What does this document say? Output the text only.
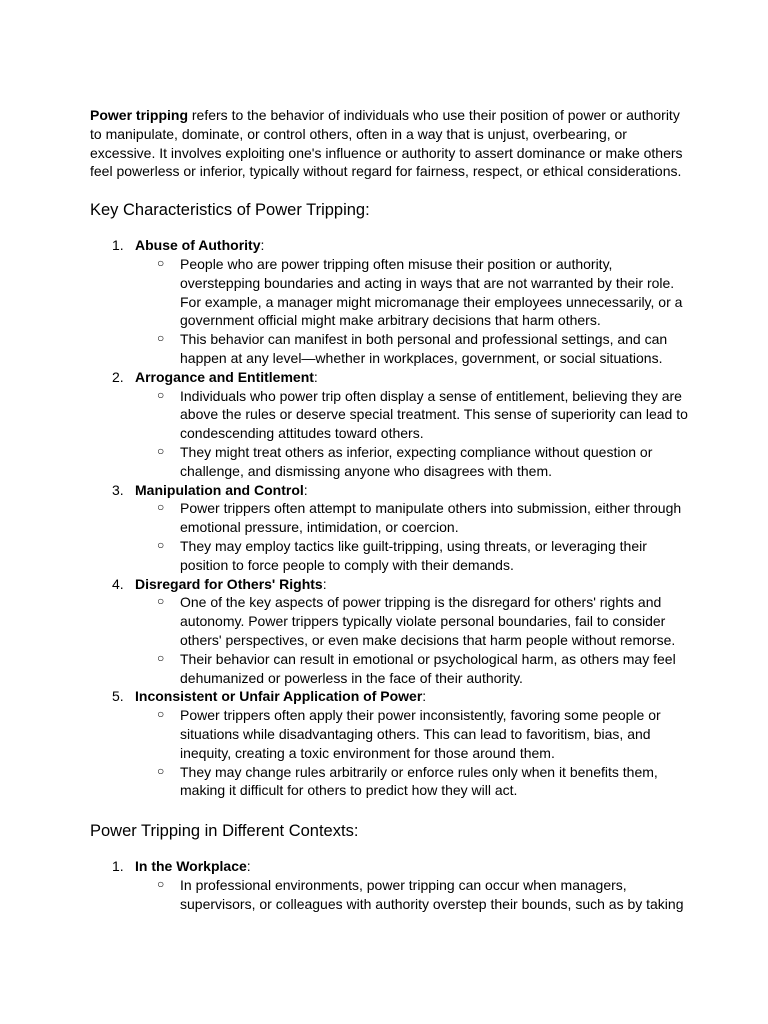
Power tripping refers to the behavior of individuals who use their position of power or authority to manipulate, dominate, or control others, often in a way that is unjust, overbearing, or excessive. It involves exploiting one's influence or authority to assert dominance or make others feel powerless or inferior, typically without regard for fairness, respect, or ethical considerations.

Key Characteristics of Power Tripping:
1. Abuse of Authority:
○ People who are power tripping often misuse their position or authority, overstepping boundaries and acting in ways that are not warranted by their role. For example, a manager might micromanage their employees unnecessarily, or a government official might make arbitrary decisions that harm others.
○ This behavior can manifest in both personal and professional settings, and can happen at any level—whether in workplaces, government, or social situations.
2. Arrogance and Entitlement:
○ Individuals who power trip often display a sense of entitlement, believing they are above the rules or deserve special treatment. This sense of superiority can lead to condescending attitudes toward others.
○ They might treat others as inferior, expecting compliance without question or challenge, and dismissing anyone who disagrees with them.
3. Manipulation and Control:
○ Power trippers often attempt to manipulate others into submission, either through emotional pressure, intimidation, or coercion.
○ They may employ tactics like guilt-tripping, using threats, or leveraging their position to force people to comply with their demands.
4. Disregard for Others' Rights:
○ One of the key aspects of power tripping is the disregard for others' rights and autonomy. Power trippers typically violate personal boundaries, fail to consider others' perspectives, or even make decisions that harm people without remorse.
○ Their behavior can result in emotional or psychological harm, as others may feel dehumanized or powerless in the face of their authority.
5. Inconsistent or Unfair Application of Power:
○ Power trippers often apply their power inconsistently, favoring some people or situations while disadvantaging others. This can lead to favoritism, bias, and inequity, creating a toxic environment for those around them.
○ They may change rules arbitrarily or enforce rules only when it benefits them, making it difficult for others to predict how they will act.
Power Tripping in Different Contexts:
1. In the Workplace:
○ In professional environments, power tripping can occur when managers, supervisors, or colleagues with authority overstep their bounds, such as by taking
